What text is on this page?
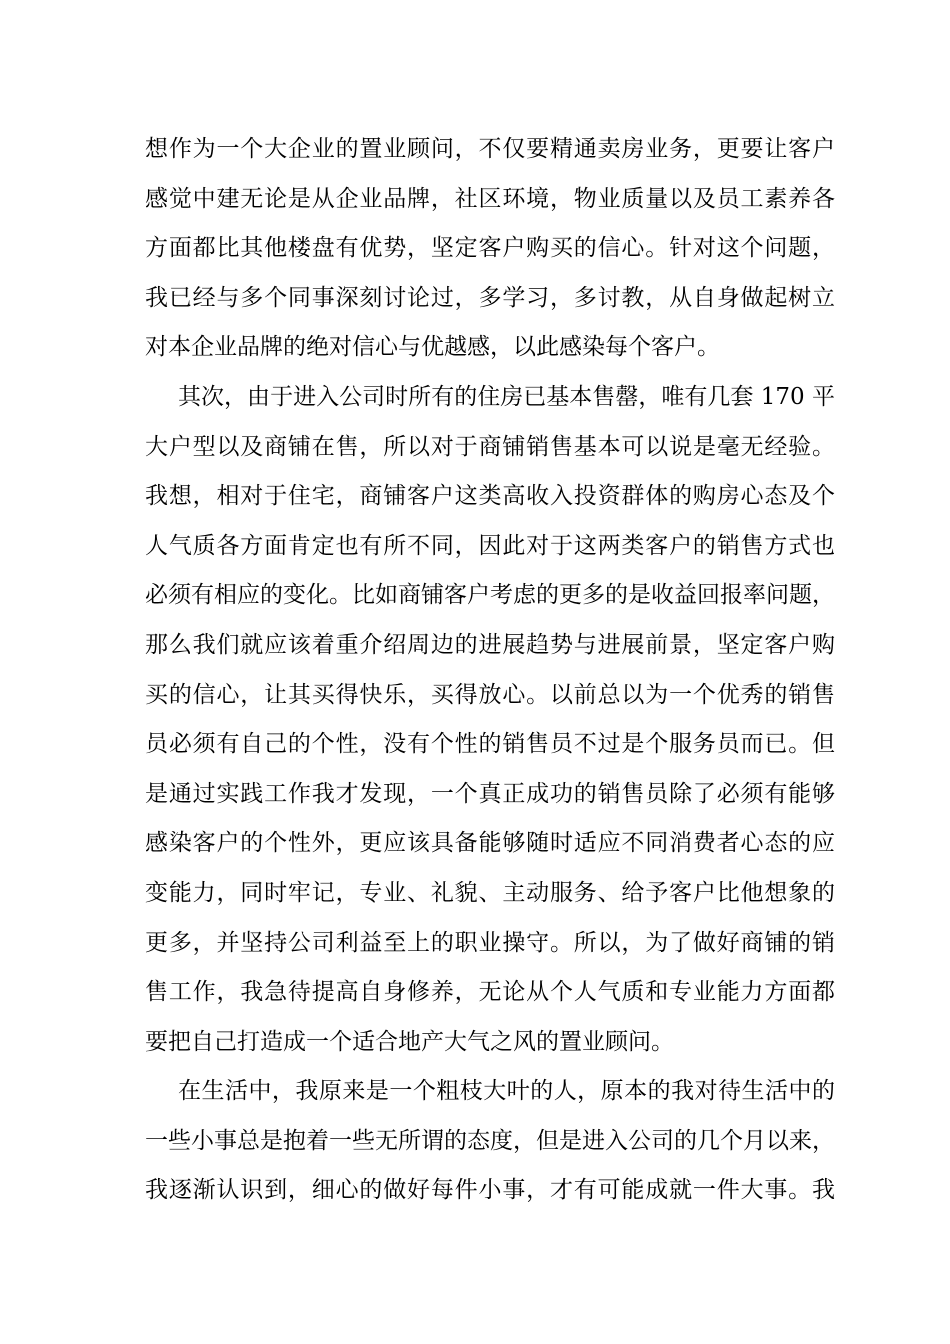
想作为一个大企业的置业顾问，不仅要精通卖房业务，更要让客户
感觉中建无论是从企业品牌，社区环境，物业质量以及员工素养各
方面都比其他楼盘有优势，坚定客户购买的信心。针对这个问题，
我已经与多个同事深刻讨论过，多学习，多讨教，从自身做起树立
对本企业品牌的绝对信心与优越感，以此感染每个客户。
其次，由于进入公司时所有的住房已基本售罄，唯有几套 170 平
大户型以及商铺在售，所以对于商铺销售基本可以说是毫无经验。
我想，相对于住宅，商铺客户这类高收入投资群体的购房心态及个
人气质各方面肯定也有所不同，因此对于这两类客户的销售方式也
必须有相应的变化。比如商铺客户考虑的更多的是收益回报率问题，
那么我们就应该着重介绍周边的进展趋势与进展前景，坚定客户购
买的信心，让其买得快乐，买得放心。以前总以为一个优秀的销售
员必须有自己的个性，没有个性的销售员不过是个服务员而已。但
是通过实践工作我才发现，一个真正成功的销售员除了必须有能够
感染客户的个性外，更应该具备能够随时适应不同消费者心态的应
变能力，同时牢记，专业、礼貌、主动服务、给予客户比他想象的
更多，并坚持公司利益至上的职业操守。所以，为了做好商铺的销
售工作，我急待提高自身修养，无论从个人气质和专业能力方面都
要把自己打造成一个适合地产大气之风的置业顾问。
在生活中，我原来是一个粗枝大叶的人，原本的我对待生活中的
一些小事总是抱着一些无所谓的态度，但是进入公司的几个月以来，
我逐渐认识到，细心的做好每件小事，才有可能成就一件大事。我
